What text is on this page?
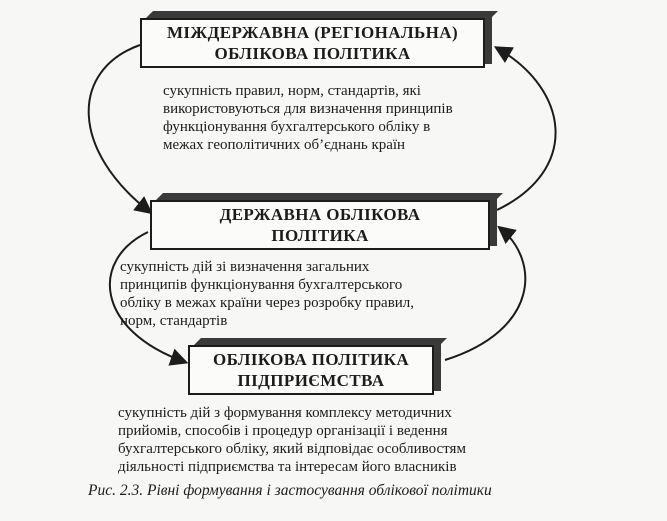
МІЖДЕРЖАВНА (РЕГІОНАЛЬНА)
ОБЛІКОВА ПОЛІТИКА
сукупність правил, норм, стандартів, які
використовуються для визначення принципів
функціонування бухгалтерського обліку в
межах геополітичних об’єднань країн
ДЕРЖАВНА ОБЛІКОВА
ПОЛІТИКА
сукупність дій зі визначення загальних
принципів функціонування бухгалтерського
обліку в межах країни через розробку правил,
норм, стандартів
ОБЛІКОВА ПОЛІТИКА
ПІДПРИЄМСТВА
сукупність дій з формування комплексу методичних
прийомів, способів і процедур організації і ведення
бухгалтерського обліку, який відповідає особливостям
діяльності підприємства та інтересам його власників
Рис. 2.3. Рівні формування і застосування облікової політики
